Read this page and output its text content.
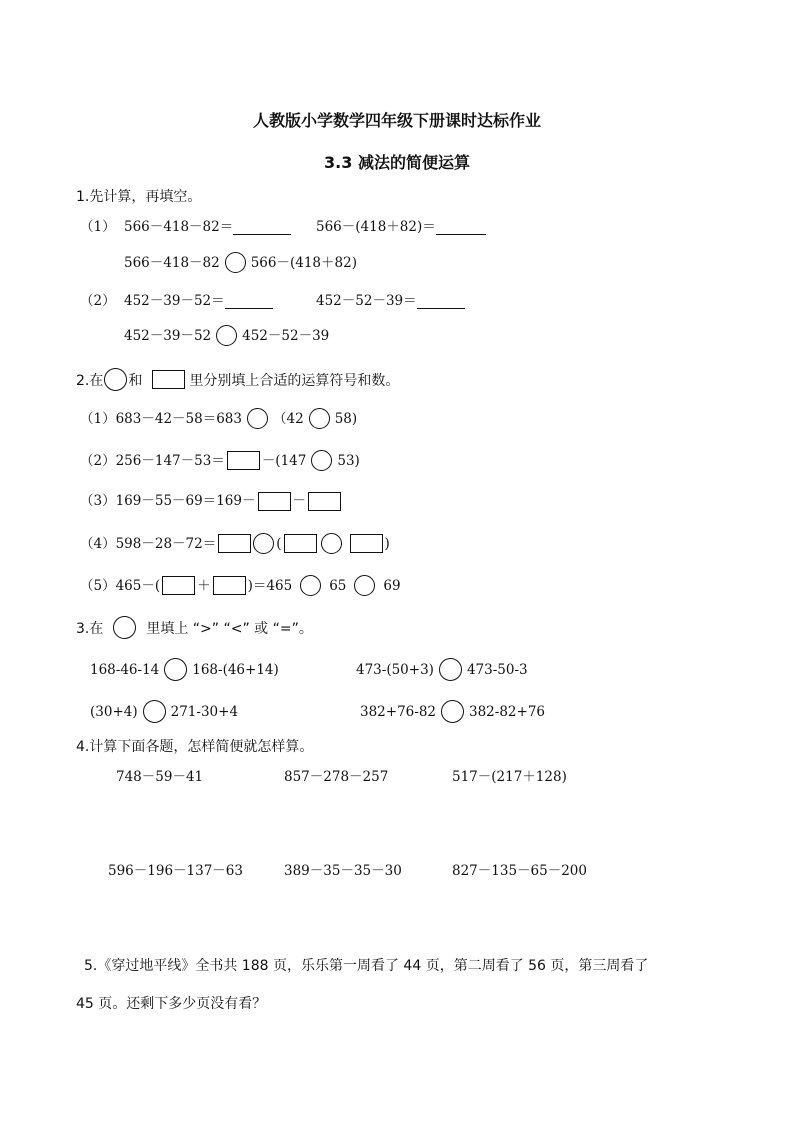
人教版小学数学四年级下册课时达标作业
3.3 减法的简便运算
1.先计算，再填空。
（1） 566－418－82＝	566－(418＋82)＝
566－418－82 566－(418＋82)
（2） 452－39－52＝	452－52－39＝
452－39－52 452－52－39
2.在 和	里分别填上合适的运算符号和数。
（1） 683－42－58＝683 （42 58)
（2） 256－147－53＝	－(147 53)
（3） 169－55－69＝169－	－
（4） 598－28－72＝	(	)
（5） 465－(	＋	)＝465	65	69
3.在	里填上 “>” “<” 或 “=”。
168-46-14 168-(46+14)	473-(50+3) 473-50-3
(30+4) 271-30+4	382+76-82 382-82+76
4.计算下面各题，怎样简便就怎样算。
748－59－41	857－278－257	517－(217＋128)
596－196－137－63	389－35－35－30	827－135－65－200
5.《穿过地平线》全书共 188 页，乐乐第一周看了 44 页，第二周看了 56 页，第三周看了
45 页。还剩下多少页没有看？
